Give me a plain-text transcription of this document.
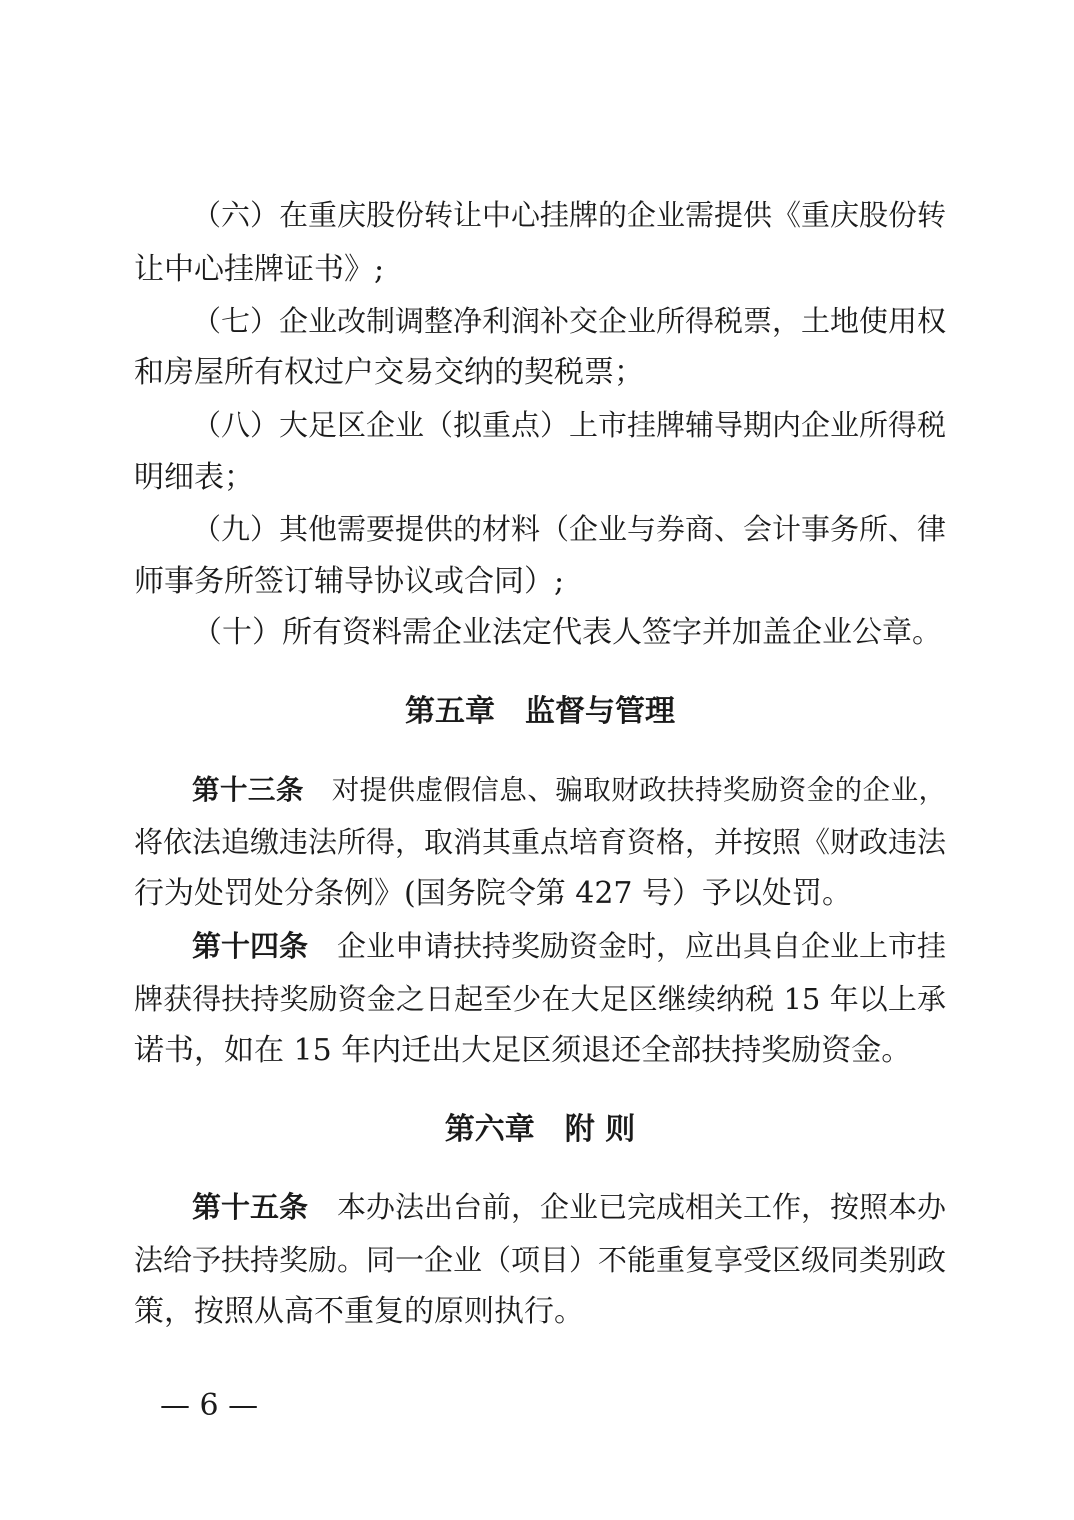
（六）在重庆股份转让中心挂牌的企业需提供《重庆股份转
让中心挂牌证书》;
（七）企业改制调整净利润补交企业所得税票，土地使用权
和房屋所有权过户交易交纳的契税票；
（八）大足区企业（拟重点）上市挂牌辅导期内企业所得税
明细表；
（九）其他需要提供的材料（企业与券商、会计事务所、律
师事务所签订辅导协议或合同）;
（十）所有资料需企业法定代表人签字并加盖企业公章。
第五章　监督与管理
第十三条　对提供虚假信息、骗取财政扶持奖励资金的企业，
将依法追缴违法所得，取消其重点培育资格，并按照《财政违法
行为处罚处分条例》(国务院令第 427 号）予以处罚。
第十四条　企业申请扶持奖励资金时，应出具自企业上市挂
牌获得扶持奖励资金之日起至少在大足区继续纳税 15 年以上承
诺书，如在 15 年内迁出大足区须退还全部扶持奖励资金。
第六章　附 则
第十五条　本办法出台前，企业已完成相关工作，按照本办
法给予扶持奖励。同一企业（项目）不能重复享受区级同类别政
策，按照从高不重复的原则执行。
— 6 —
